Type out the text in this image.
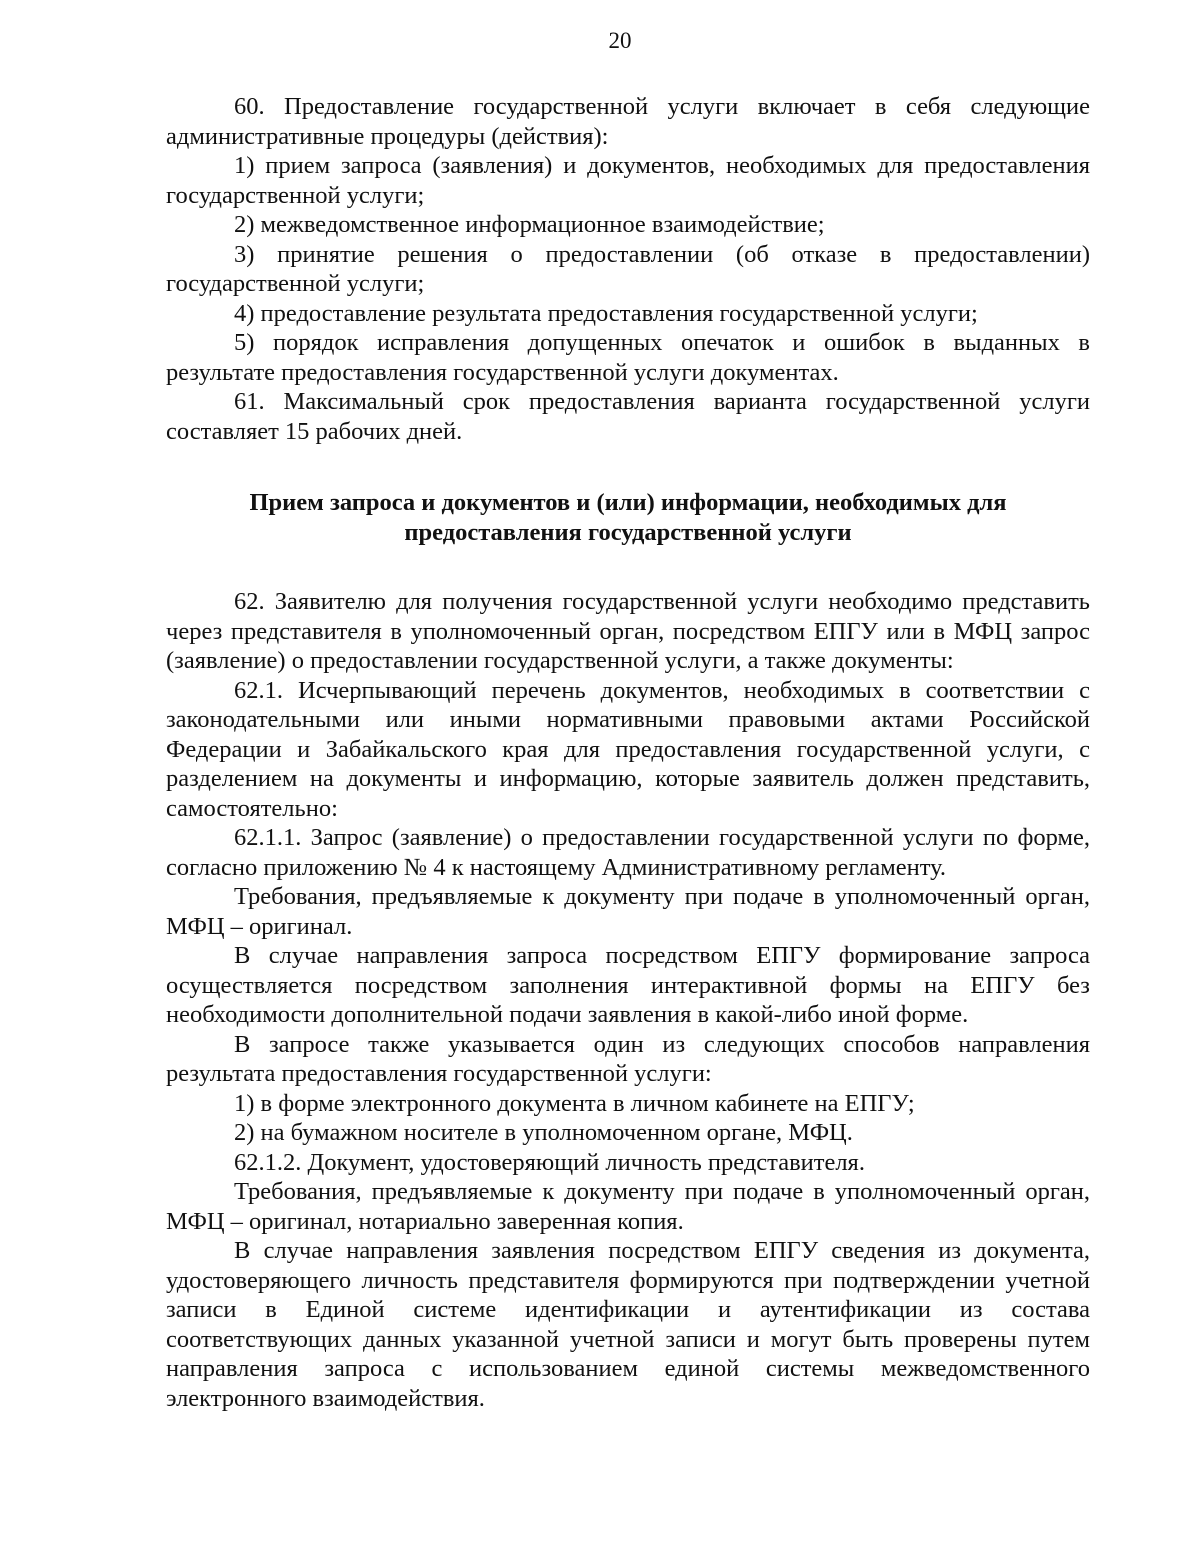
20

60. Предоставление государственной услуги включает в себя следующие административные процедуры (действия):

1) прием запроса (заявления) и документов, необходимых для предоставления государственной услуги;

2) межведомственное информационное взаимодействие;

3) принятие решения о предоставлении (об отказе в предоставлении) государственной услуги;

4) предоставление результата предоставления государственной услуги;

5) порядок исправления допущенных опечаток и ошибок в выданных в результате предоставления государственной услуги документах.

61. Максимальный срок предоставления варианта государственной услуги составляет 15 рабочих дней.

Прием запроса и документов и (или) информации, необходимых для предоставления государственной услуги

62. Заявителю для получения государственной услуги необходимо представить через представителя в уполномоченный орган, посредством ЕПГУ или в МФЦ запрос (заявление) о предоставлении государственной услуги, а также документы:

62.1. Исчерпывающий перечень документов, необходимых в соответствии с законодательными или иными нормативными правовыми актами Российской Федерации и Забайкальского края для предоставления государственной услуги, с разделением на документы и информацию, которые заявитель должен представить, самостоятельно:

62.1.1. Запрос (заявление) о предоставлении государственной услуги по форме, согласно приложению № 4 к настоящему Административному регламенту.

Требования, предъявляемые к документу при подаче в уполномоченный орган, МФЦ – оригинал.

В случае направления запроса посредством ЕПГУ формирование запроса осуществляется посредством заполнения интерактивной формы на ЕПГУ без необходимости дополнительной подачи заявления в какой-либо иной форме.

В запросе также указывается один из следующих способов направления результата предоставления государственной услуги:

1) в форме электронного документа в личном кабинете на ЕПГУ;

2) на бумажном носителе в уполномоченном органе, МФЦ.

62.1.2. Документ, удостоверяющий личность представителя.

Требования, предъявляемые к документу при подаче в уполномоченный орган, МФЦ – оригинал, нотариально заверенная копия.

В случае направления заявления посредством ЕПГУ сведения из документа, удостоверяющего личность представителя формируются при подтверждении учетной записи в Единой системе идентификации и аутентификации из состава соответствующих данных указанной учетной записи и могут быть проверены путем направления запроса с использованием единой системы межведомственного электронного взаимодействия.
